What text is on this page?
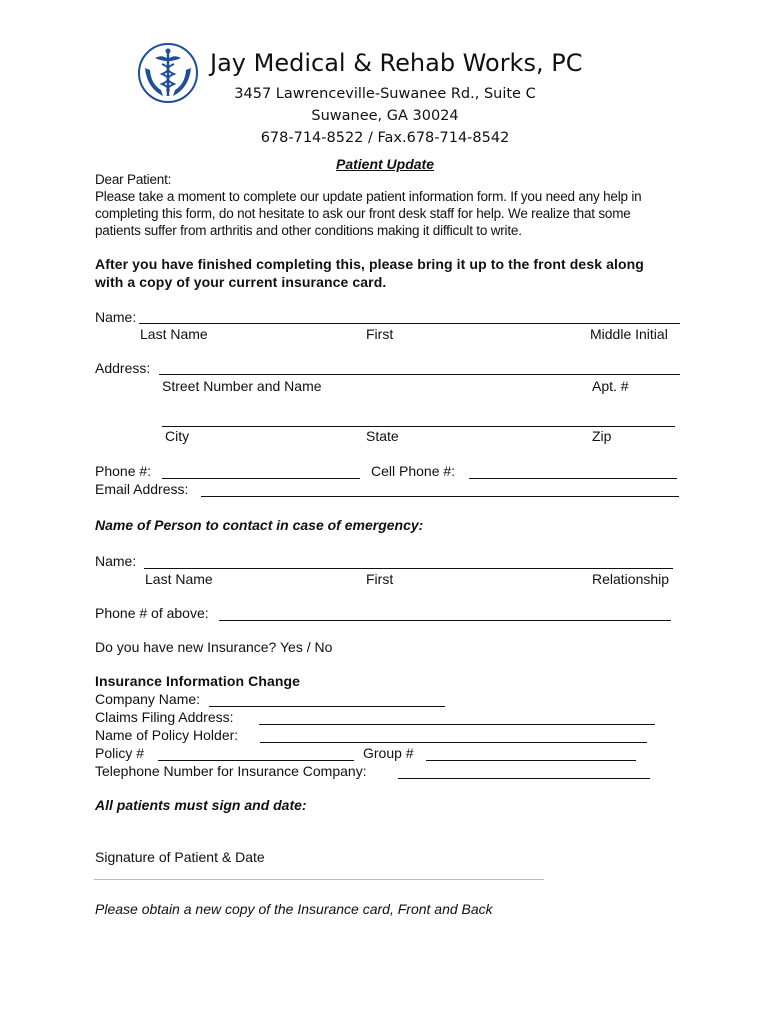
Jay Medical & Rehab Works, PC
3457 Lawrenceville-Suwanee Rd., Suite C
Suwanee, GA 30024
678-714-8522 / Fax.678-714-8542
Patient Update
Dear Patient:
Please take a moment to complete our update patient information form. If you need any help in
completing this form, do not hesitate to ask our front desk staff for help. We realize that some
patients suffer from arthritis and other conditions making it difficult to write.
After you have finished completing this, please bring it up to the front desk along
with a copy of your current insurance card.
Name:
Last Name	First	Middle Initial
Address:
Street Number and Name	Apt. #
City	State	Zip
Phone #:	Cell Phone #:
Email Address:
Name of Person to contact in case of emergency:
Name:
Last Name	First	Relationship
Phone # of above:
Do you have new Insurance? Yes / No
Insurance Information Change
Company Name:
Claims Filing Address:
Name of Policy Holder:
Policy #	Group #
Telephone Number for Insurance Company:
All patients must sign and date:
Signature of Patient & Date
Please obtain a new copy of the Insurance card, Front and Back
